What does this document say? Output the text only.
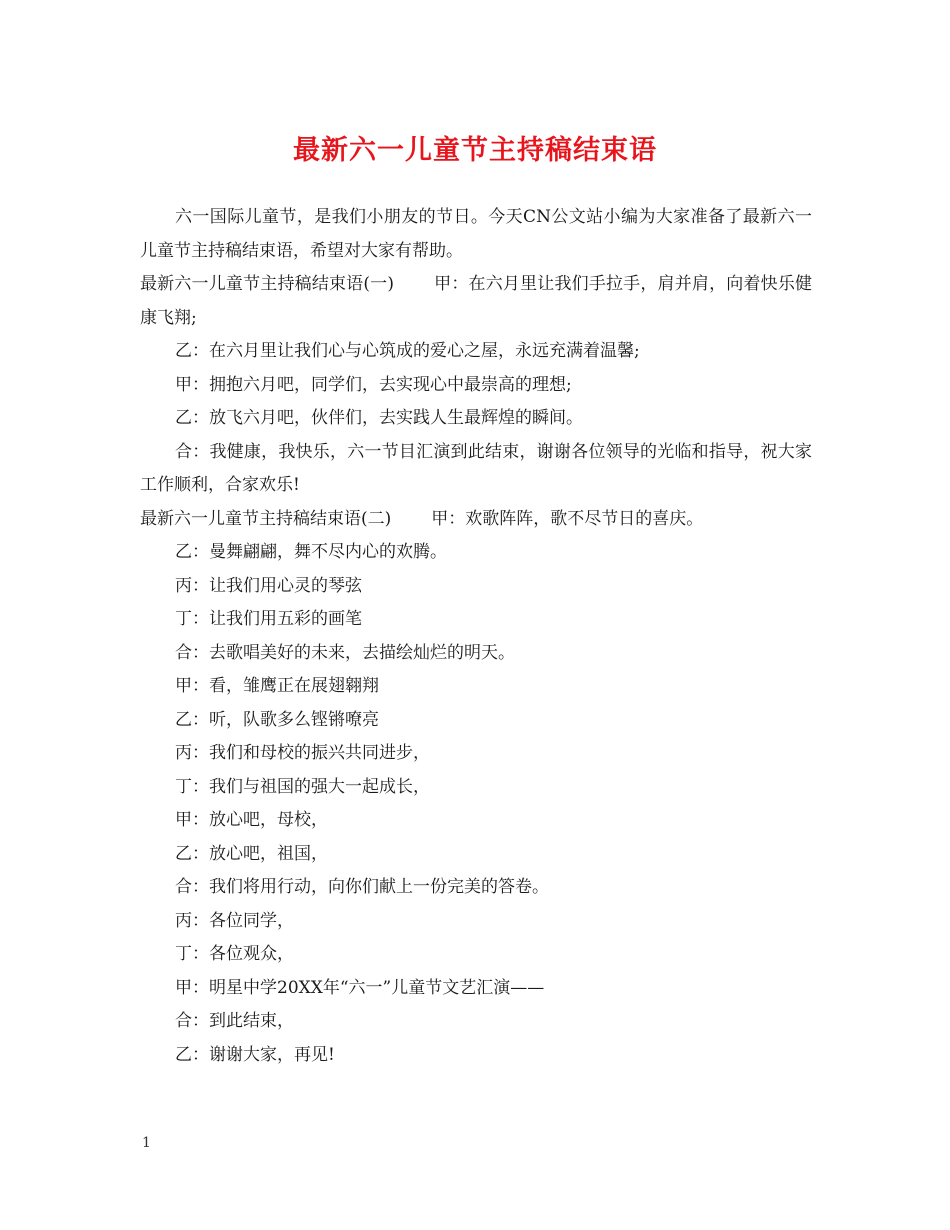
最新六一儿童节主持稿结束语

六一国际儿童节，是我们小朋友的节日。今天CN公文站小编为大家准备了最新六一儿童节主持稿结束语，希望对大家有帮助。

最新六一儿童节主持稿结束语(一) 甲：在六月里让我们手拉手，肩并肩，向着快乐健康飞翔;

乙：在六月里让我们心与心筑成的爱心之屋，永远充满着温馨;

甲：拥抱六月吧，同学们，去实现心中最崇高的理想;

乙：放飞六月吧，伙伴们，去实践人生最辉煌的瞬间。

合：我健康，我快乐，六一节目汇演到此结束，谢谢各位领导的光临和指导，祝大家工作顺利，合家欢乐!

最新六一儿童节主持稿结束语(二) 甲：欢歌阵阵，歌不尽节日的喜庆。

乙：曼舞翩翩，舞不尽内心的欢腾。

丙：让我们用心灵的琴弦

丁：让我们用五彩的画笔

合：去歌唱美好的未来，去描绘灿烂的明天。

甲：看，雏鹰正在展翅翱翔

乙：听，队歌多么铿锵嘹亮

丙：我们和母校的振兴共同进步，

丁：我们与祖国的强大一起成长，

甲：放心吧，母校，

乙：放心吧，祖国，

合：我们将用行动，向你们献上一份完美的答卷。

丙：各位同学，

丁：各位观众，

甲：明星中学20XX年“六一”儿童节文艺汇演——

合：到此结束，

乙：谢谢大家，再见!

1
